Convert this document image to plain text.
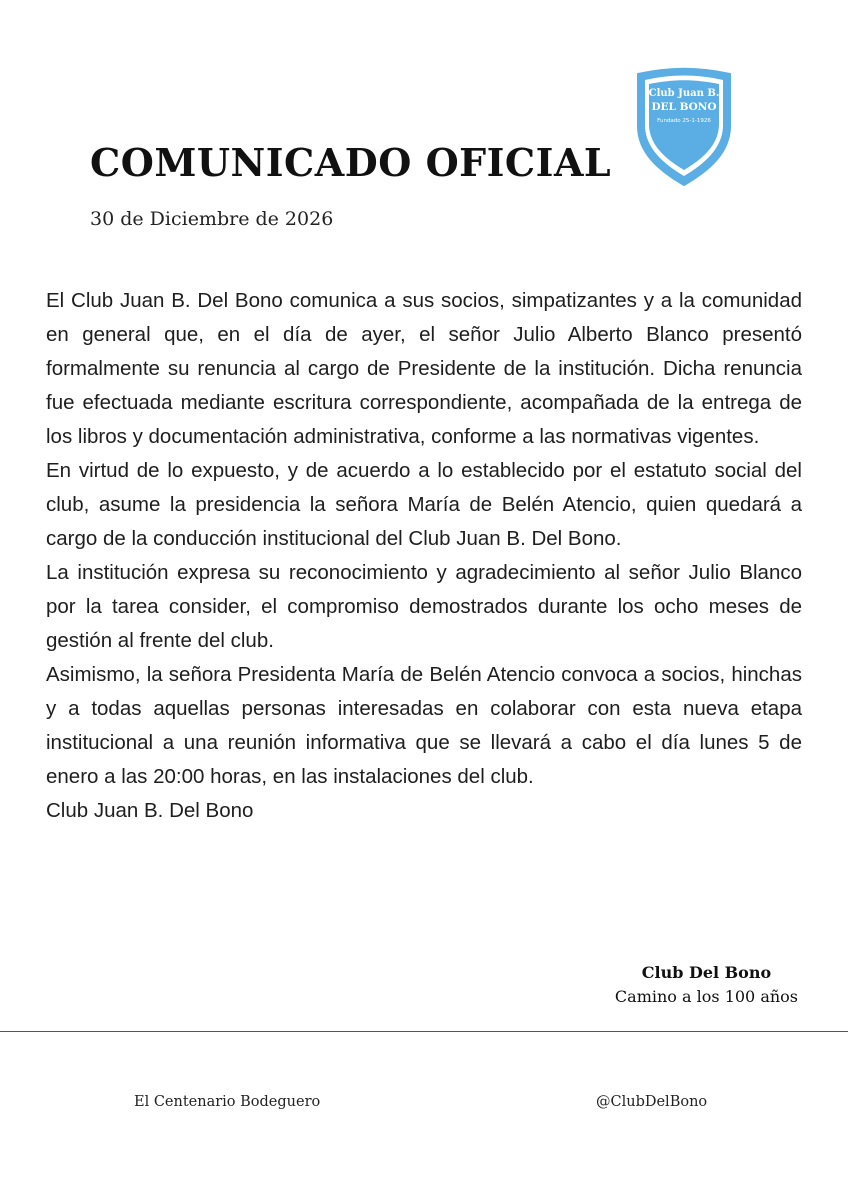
COMUNICADO OFICIAL
30 de Diciembre de 2026
Club Juan B.
DEL BONO
Fundado 25-1-1926

El Club Juan B. Del Bono comunica a sus socios, simpatizantes y a la comunidad en general que, en el día de ayer, el señor Julio Alberto Blanco presentó formalmente su renuncia al cargo de Presidente de la institución. Dicha renuncia fue efectuada mediante escritura correspondiente, acompañada de la entrega de los libros y documentación administrativa, conforme a las normativas vigentes.

En virtud de lo expuesto, y de acuerdo a lo establecido por el estatuto social del club, asume la presidencia la señora María de Belén Atencio, quien quedará a cargo de la conducción institucional del Club Juan B. Del Bono.

La institución expresa su reconocimiento y agradecimiento al señor Julio Blanco por la tarea consider, el compromiso demostrados durante los ocho meses de gestión al frente del club.

Asimismo, la señora Presidenta María de Belén Atencio convoca a socios, hinchas y a todas aquellas personas interesadas en colaborar con esta nueva etapa institucional a una reunión informativa que se llevará a cabo el día lunes 5 de enero a las 20:00 horas, en las instalaciones del club.

Club Juan B. Del Bono

Club Del Bono
Camino a los 100 años
El Centenario Bodeguero	@ClubDelBono
